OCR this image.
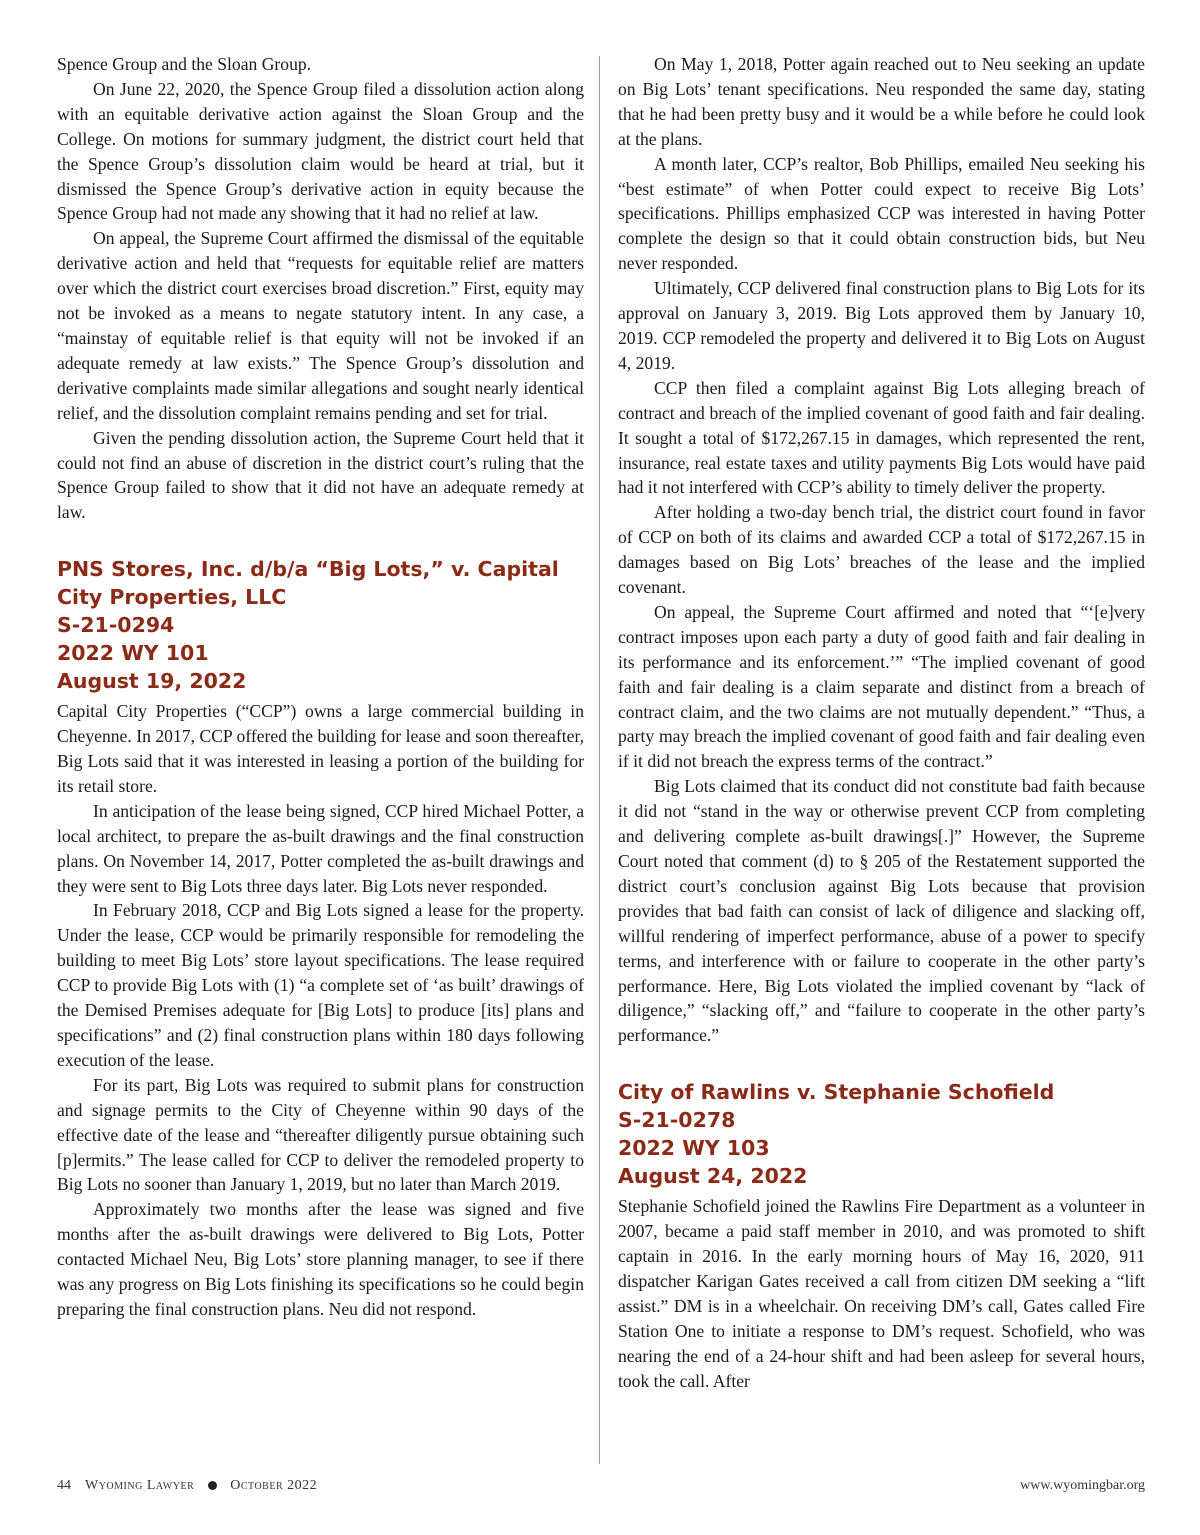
Spence Group and the Sloan Group.

On June 22, 2020, the Spence Group filed a dissolution action along with an equitable derivative action against the Sloan Group and the College. On motions for summary judgment, the district court held that the Spence Group’s dissolution claim would be heard at trial, but it dismissed the Spence Group’s derivative action in equity because the Spence Group had not made any showing that it had no relief at law.

On appeal, the Supreme Court affirmed the dismissal of the equitable derivative action and held that “requests for equitable relief are matters over which the district court exercises broad discretion.” First, equity may not be invoked as a means to negate statutory intent. In any case, a “mainstay of equitable relief is that equity will not be invoked if an adequate remedy at law exists.” The Spence Group’s dissolution and derivative complaints made similar allegations and sought nearly identical relief, and the dissolution complaint remains pending and set for trial.

Given the pending dissolution action, the Supreme Court held that it could not find an abuse of discretion in the district court’s ruling that the Spence Group failed to show that it did not have an adequate remedy at law.

PNS Stores, Inc. d/b/a “Big Lots,” v. Capital City Properties, LLC
S-21-0294
2022 WY 101
August 19, 2022

Capital City Properties (“CCP”) owns a large commercial building in Cheyenne. In 2017, CCP offered the building for lease and soon thereafter, Big Lots said that it was interested in leasing a portion of the building for its retail store.

In anticipation of the lease being signed, CCP hired Michael Potter, a local architect, to prepare the as-built drawings and the final construction plans. On November 14, 2017, Potter completed the as-built drawings and they were sent to Big Lots three days later. Big Lots never responded.

In February 2018, CCP and Big Lots signed a lease for the property. Under the lease, CCP would be primarily responsible for remodeling the building to meet Big Lots’ store layout specifications. The lease required CCP to provide Big Lots with (1) “a complete set of ‘as built’ drawings of the Demised Premises adequate for [Big Lots] to produce [its] plans and specifications” and (2) final construction plans within 180 days following execution of the lease.

For its part, Big Lots was required to submit plans for construction and signage permits to the City of Cheyenne within 90 days of the effective date of the lease and “thereafter diligently pursue obtaining such [p]ermits.” The lease called for CCP to deliver the remodeled property to Big Lots no sooner than January 1, 2019, but no later than March 2019.

Approximately two months after the lease was signed and five months after the as-built drawings were delivered to Big Lots, Potter contacted Michael Neu, Big Lots’ store planning manager, to see if there was any progress on Big Lots finishing its specifications so he could begin preparing the final construction plans. Neu did not respond.

On May 1, 2018, Potter again reached out to Neu seeking an update on Big Lots’ tenant specifications. Neu responded the same day, stating that he had been pretty busy and it would be a while before he could look at the plans.

A month later, CCP’s realtor, Bob Phillips, emailed Neu seeking his “best estimate” of when Potter could expect to receive Big Lots’ specifications. Phillips emphasized CCP was interested in having Potter complete the design so that it could obtain construction bids, but Neu never responded.

Ultimately, CCP delivered final construction plans to Big Lots for its approval on January 3, 2019. Big Lots approved them by January 10, 2019. CCP remodeled the property and delivered it to Big Lots on August 4, 2019.

CCP then filed a complaint against Big Lots alleging breach of contract and breach of the implied covenant of good faith and fair dealing. It sought a total of $172,267.15 in damages, which represented the rent, insurance, real estate taxes and utility payments Big Lots would have paid had it not interfered with CCP’s ability to timely deliver the property.

After holding a two-day bench trial, the district court found in favor of CCP on both of its claims and awarded CCP a total of $172,267.15 in damages based on Big Lots’ breaches of the lease and the implied covenant.

On appeal, the Supreme Court affirmed and noted that “‘[e]very contract imposes upon each party a duty of good faith and fair dealing in its performance and its enforcement.’” “The implied covenant of good faith and fair dealing is a claim separate and distinct from a breach of contract claim, and the two claims are not mutually dependent.” “Thus, a party may breach the implied covenant of good faith and fair dealing even if it did not breach the express terms of the contract.”

Big Lots claimed that its conduct did not constitute bad faith because it did not “stand in the way or otherwise prevent CCP from completing and delivering complete as-built drawings[.]” However, the Supreme Court noted that comment (d) to § 205 of the Restatement supported the district court’s conclusion against Big Lots because that provision provides that bad faith can consist of lack of diligence and slacking off, willful rendering of imperfect performance, abuse of a power to specify terms, and interference with or failure to cooperate in the other party’s performance. Here, Big Lots violated the implied covenant by “lack of diligence,” “slacking off,” and “failure to cooperate in the other party’s performance.”

City of Rawlins v. Stephanie Schofield
S-21-0278
2022 WY 103
August 24, 2022

Stephanie Schofield joined the Rawlins Fire Department as a volunteer in 2007, became a paid staff member in 2010, and was promoted to shift captain in 2016. In the early morning hours of May 16, 2020, 911 dispatcher Karigan Gates received a call from citizen DM seeking a “lift assist.” DM is in a wheelchair. On receiving DM’s call, Gates called Fire Station One to initiate a response to DM’s request. Schofield, who was nearing the end of a 24-hour shift and had been asleep for several hours, took the call. After

44 Wyoming Lawyer	October 2022	www.wyomingbar.org
